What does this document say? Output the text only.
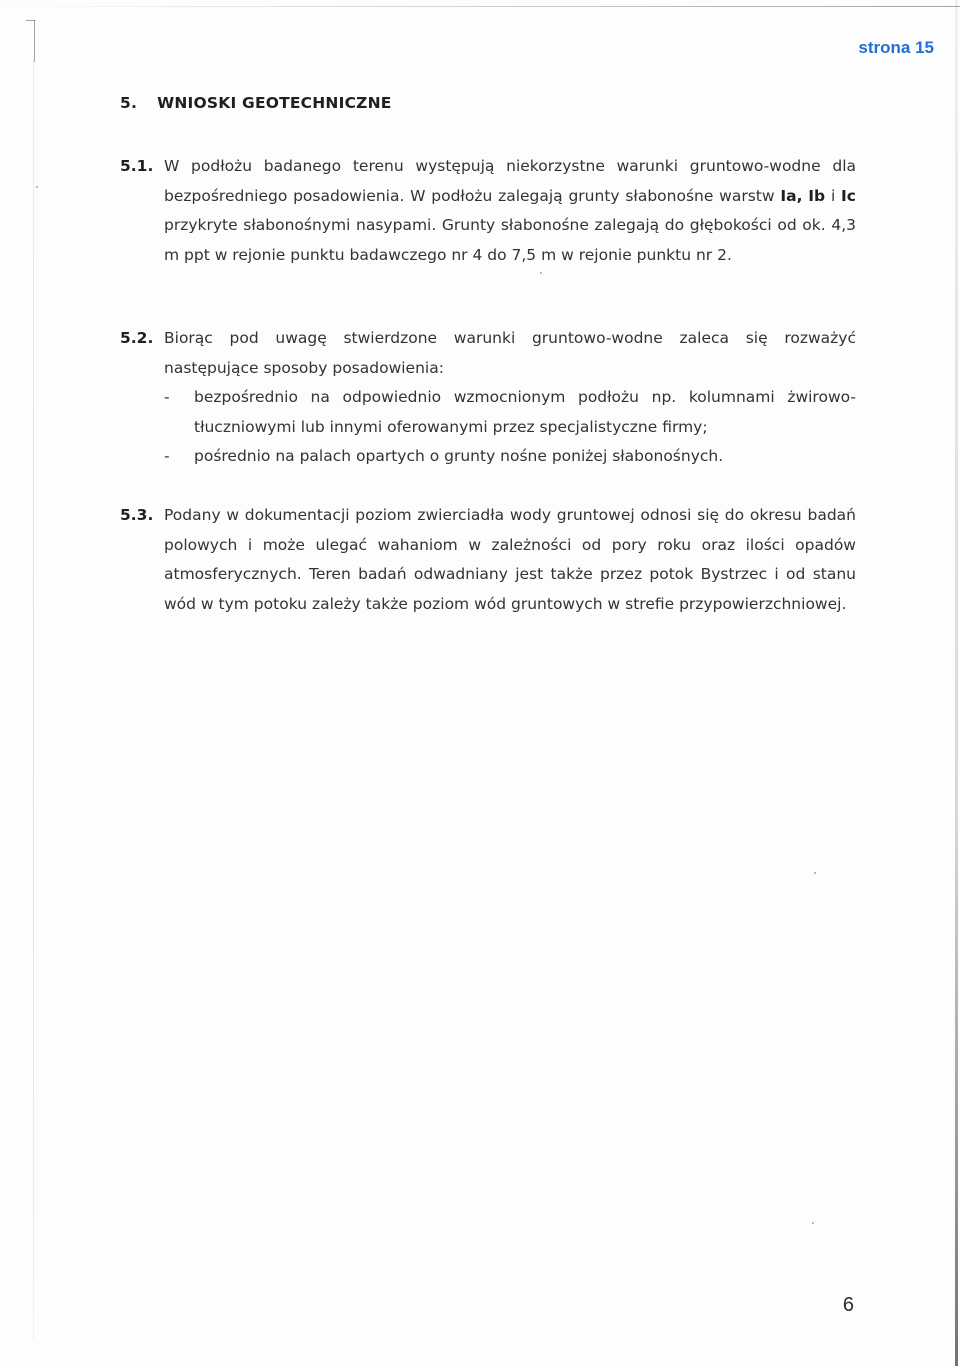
strona 15
5. WNIOSKI GEOTECHNICZNE
5.1. W podłożu badanego terenu występują niekorzystne warunki gruntowo-wodne dla bezpośredniego posadowienia. W podłożu zalegają grunty słabonośne warstw Ia, Ib i Ic przykryte słabonośnymi nasypami. Grunty słabonośne zalegają do głębokości od ok. 4,3 m ppt w rejonie punktu badawczego nr 4 do 7,5 m w rejonie punktu nr 2.
5.2. Biorąc pod uwagę stwierdzone warunki gruntowo-wodne zaleca się rozważyć następujące sposoby posadowienia:
- bezpośrednio na odpowiednio wzmocnionym podłożu np. kolumnami żwirowo-tłuczniowymi lub innymi oferowanymi przez specjalistyczne firmy;
- pośrednio na palach opartych o grunty nośne poniżej słabonośnych.
5.3. Podany w dokumentacji poziom zwierciadła wody gruntowej odnosi się do okresu badań polowych i może ulegać wahaniom w zależności od pory roku oraz ilości opadów atmosferycznych. Teren badań odwadniany jest także przez potok Bystrzec i od stanu wód w tym potoku zależy także poziom wód gruntowych w strefie przypowierzchniowej.
6
